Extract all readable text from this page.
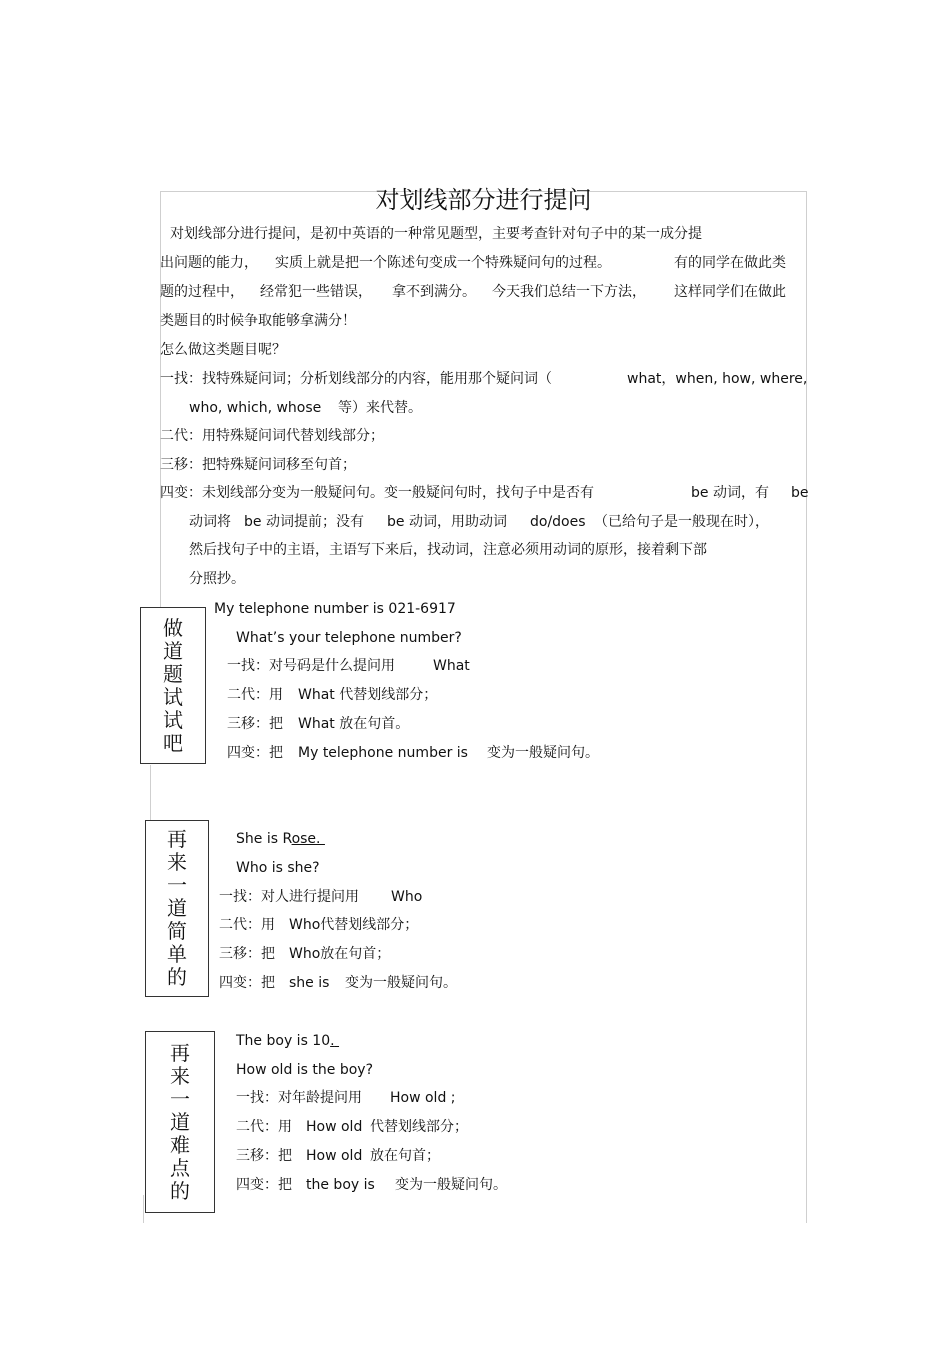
对划线部分进行提问
对划线部分进行提问，是初中英语的一种常见题型，主要考查针对句子中的某一成分提
出问题的能力， 实质上就是把一个陈述句变成一个特殊疑问句的过程。	有的同学在做此类
题的过程中， 经常犯一些错误， 拿不到满分。 今天我们总结一下方法， 这样同学们在做此
类题目的时候争取能够拿满分！
怎么做这类题目呢？
一找：找特殊疑问词；分析划线部分的内容，能用那个疑问词（	what，when, how, where,
who, which, whose 等）来代替。
二代：用特殊疑问词代替划线部分；
三移：把特殊疑问词移至句首；
四变：未划线部分变为一般疑问句。变一般疑问句时，找句子中是否有	be 动词，有 be
动词将 be 动词提前；没有 be 动词，用助动词 do/does （已给句子是一般现在时），
然后找句子中的主语，主语写下来后，找动词，注意必须用动词的原形，接着剩下部
分照抄。
做
道
题
试
试
吧
My telephone number is 021-6917
What’s your telephone number?
一找：对号码是什么提问用	What
二代：用 What 代替划线部分；
三移：把 What 放在句首。
四变：把 My telephone number is 变为一般疑问句。
再
来
一
道
简
单
的
She is Rose.
Who is she?
一找：对人进行提问用 Who
二代：用 Who代替划线部分；
三移：把 Who放在句首；
四变：把 she is 变为一般疑问句。
再
来
一
道
难
点
的
The boy is 10.
How old is the boy?
一找：对年龄提问用 How old ;
二代：用 How old 代替划线部分；
三移：把 How old 放在句首；
四变：把 the boy is 变为一般疑问句。
